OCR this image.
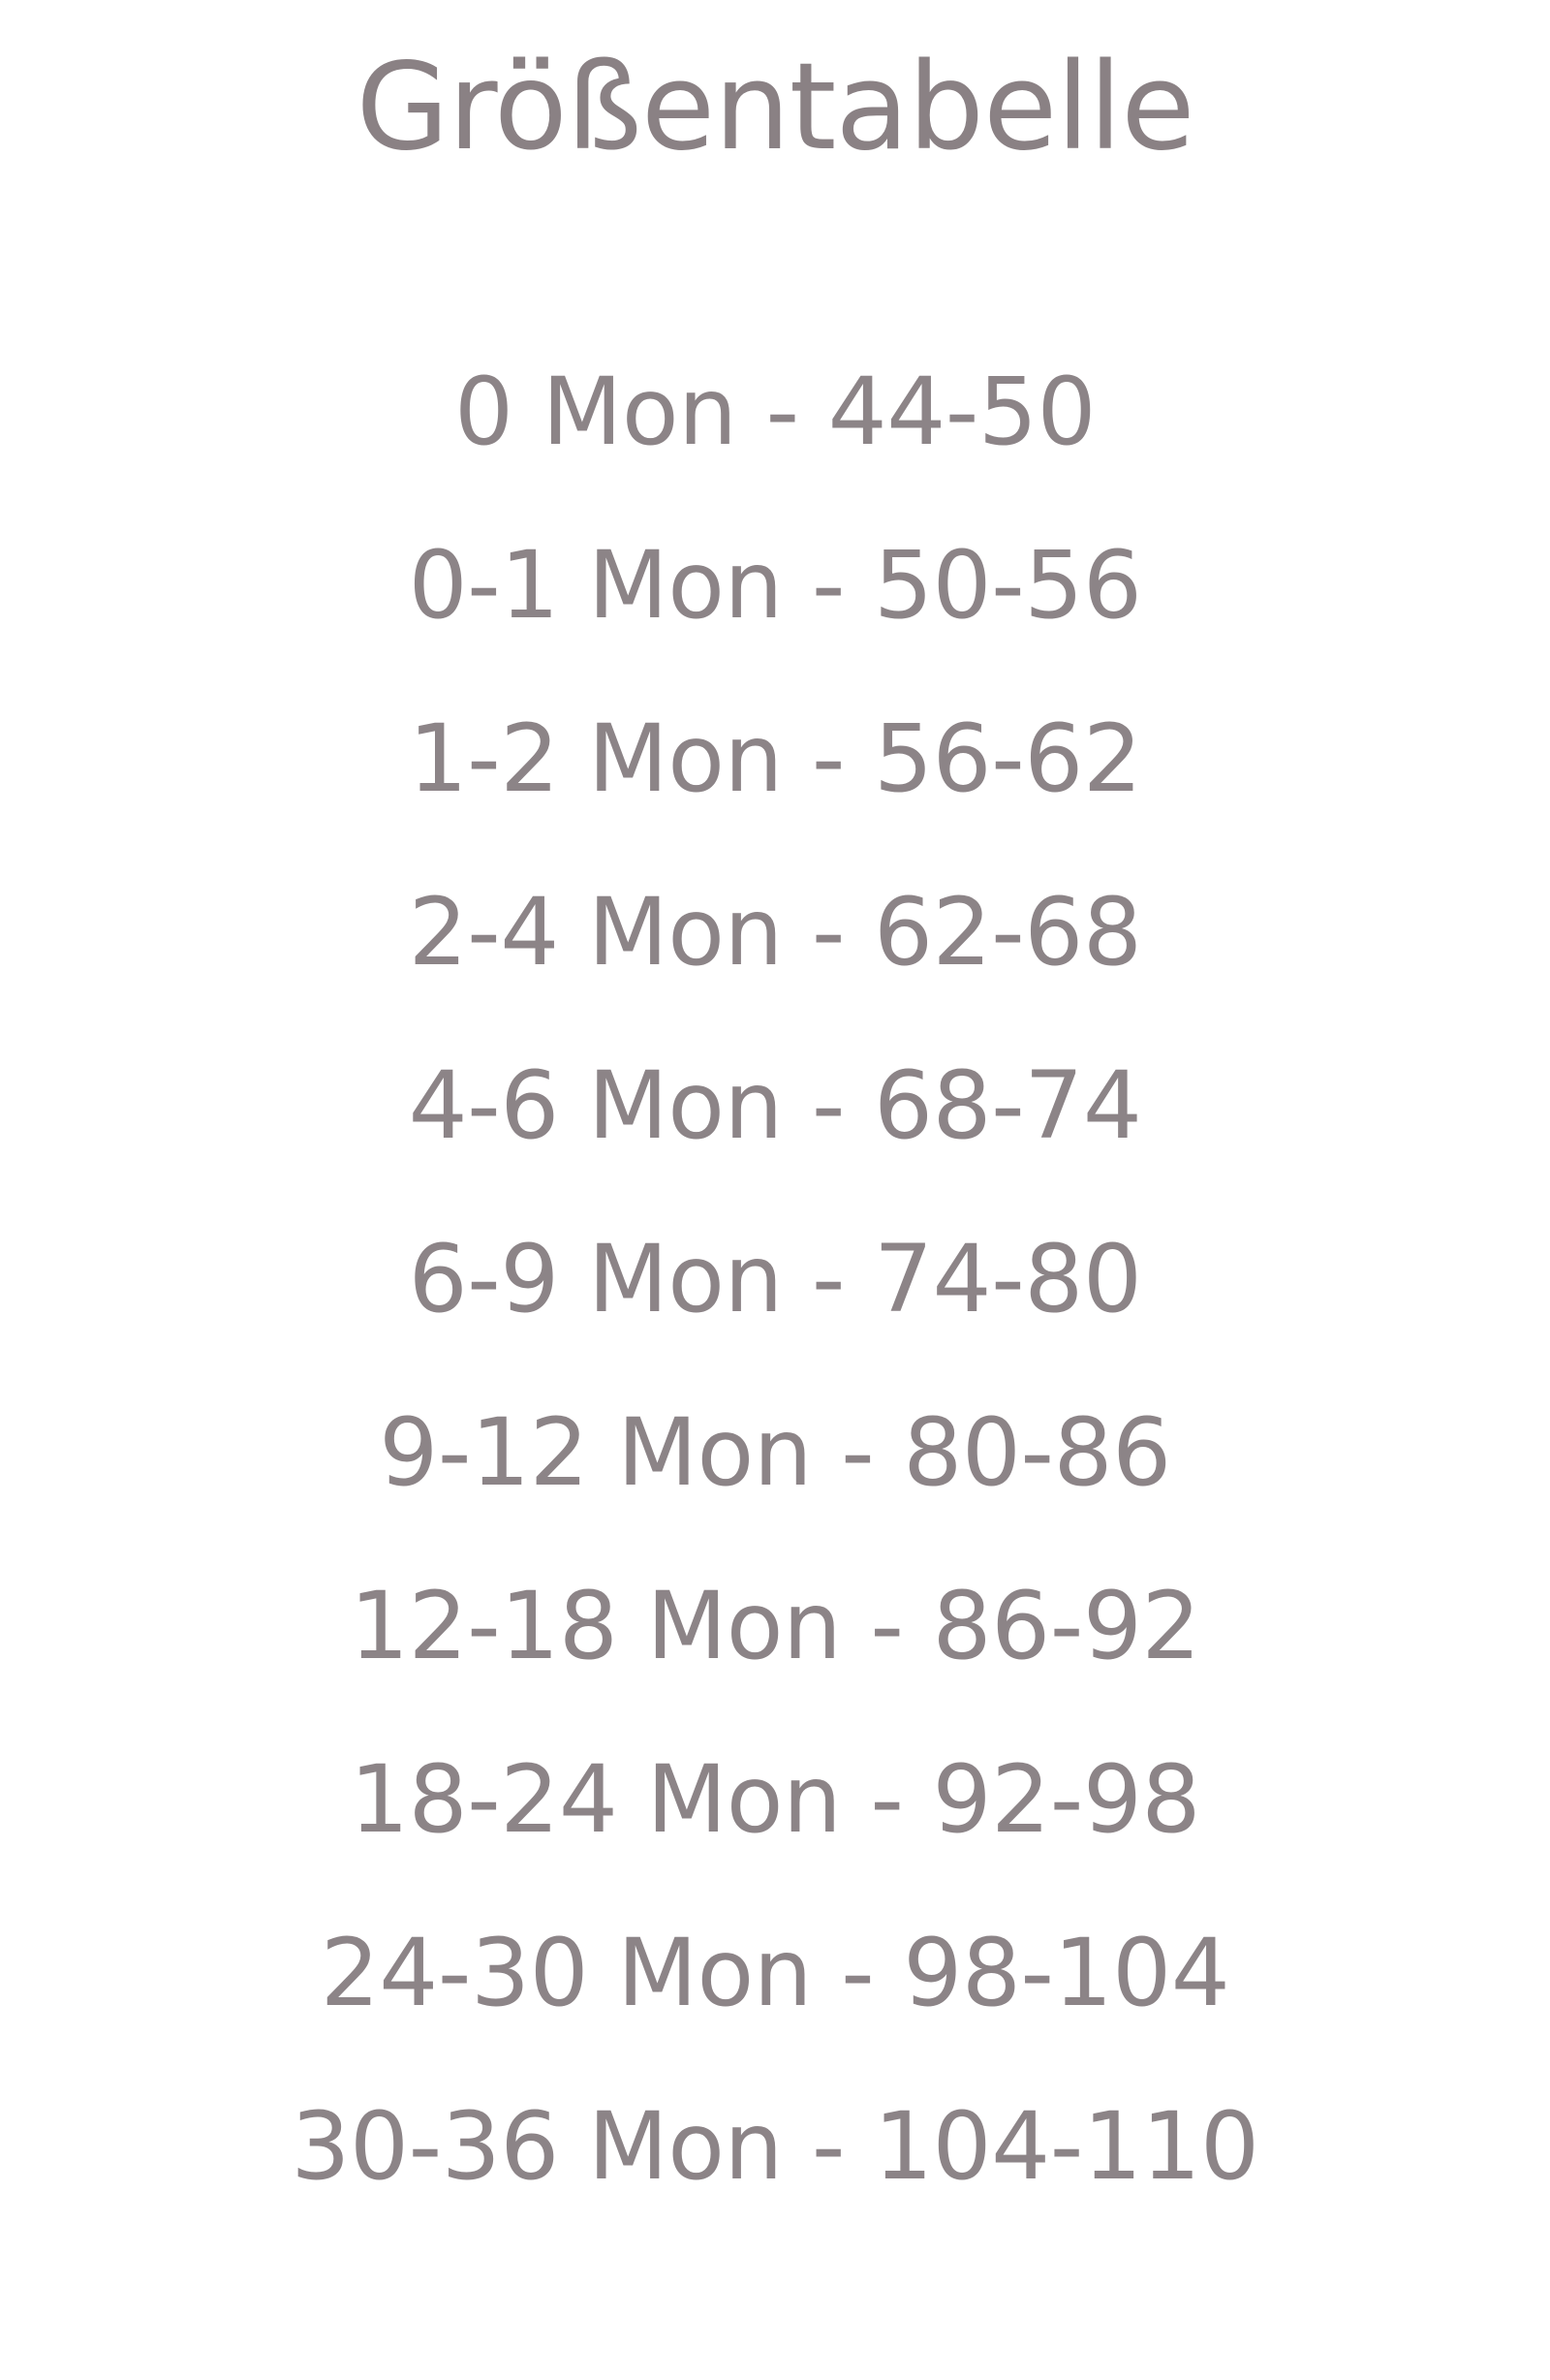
Größentabelle
0 Mon - 44-50
0-1 Mon - 50-56
1-2 Mon - 56-62
2-4 Mon - 62-68
4-6 Mon - 68-74
6-9 Mon - 74-80
9-12 Mon - 80-86
12-18 Mon - 86-92
18-24 Mon - 92-98
24-30 Mon - 98-104
30-36 Mon - 104-110
